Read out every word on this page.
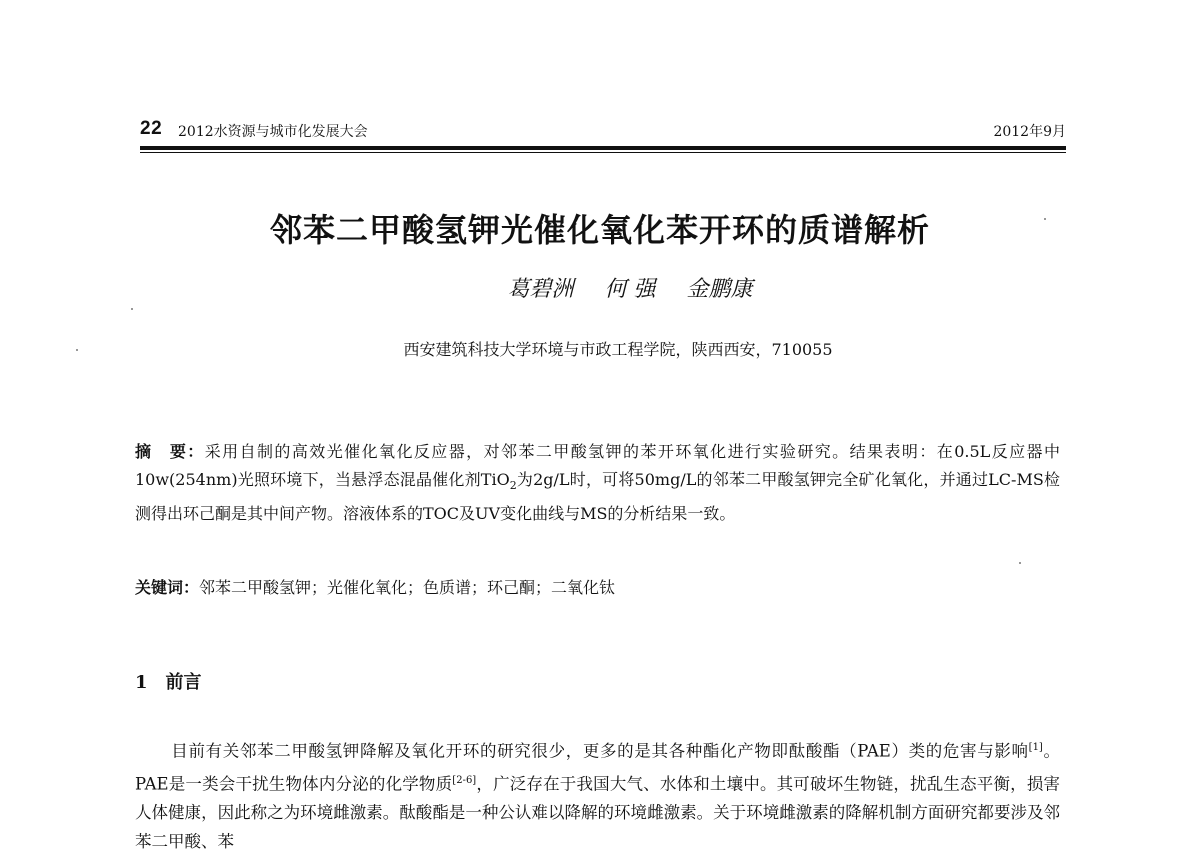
22 2012水资源与城市化发展大会	2012年9月
邻苯二甲酸氢钾光催化氧化苯开环的质谱解析
葛碧洲 何 强 金鹏康
西安建筑科技大学环境与市政工程学院，陕西西安，710055
摘　要：采用自制的高效光催化氧化反应器，对邻苯二甲酸氢钾的苯开环氧化进行实验研究。结果表明：在0.5L反应器中10w(254nm)光照环境下，当悬浮态混晶催化剂TiO$_2$为2g/L时，可将50mg/L的邻苯二甲酸氢钾完全矿化氧化，并通过LC-MS检测得出环己酮是其中间产物。溶液体系的TOC及UV变化曲线与MS的分析结果一致。
关键词：邻苯二甲酸氢钾；光催化氧化；色质谱；环己酮；二氧化钛
1 前言
目前有关邻苯二甲酸氢钾降解及氧化开环的研究很少，更多的是其各种酯化产物即酞酸酯（PAE）类的危害与影响[1]。PAE是一类会干扰生物体内分泌的化学物质[2-6]，广泛存在于我国大气、水体和土壤中。其可破坏生物链，扰乱生态平衡，损害人体健康，因此称之为环境雌激素。酞酸酯是一种公认难以降解的环境雌激素。关于环境雌激素的降解机制方面研究都要涉及邻苯二甲酸、苯
